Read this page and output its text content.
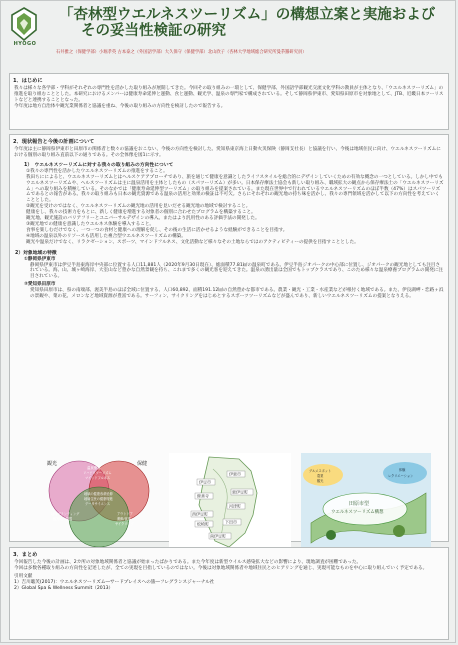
HYOGO
「杏林型ウエルネスツーリズム」の構想立案と実施および
その妥当性検証の研究
石井雅之（保健学部）小堀孝英 古本泰之（外国語学部）大久保守（保健学部）北山欣子（杏林大学地域総合研究所曼荼羅研究員）
1．はじめに

我々は様々な各学部・学科がそれぞれの専門性を活かした取り組みが展開してきた。今回その取り組みの一環として、保健学部、外国語学部観光交流文化学科の教員が主体となり、「ウエルネスツーリズム」の推進を取り組むこととした。本研究におけるメンバーは健康寿命延伸と運動、食と運動、観光学、温泉の専門家で構成されている。そして静岡県伊東市、愛知県田原市を対象地として、JTB、近畿日本ツーリストなどと連携することとなった。

今年度は地方自治体や観光業関係者と協議を重ね、今後の取り組みの方向性を検討したので報告する。

2．現状報告と今後の計画について

今年度は主に静岡県伊東市と田原市の関係者と数々の協議をおこない、今後の方向性を検討した。愛知県東京海上日動火災保険（静岡支社長）と協議を行い、今後は地域住民に向け、ウエルネスツーリズムにおける個別の取り組み直前以下の通りである。その全体像を図1に示す。

1）　ウエルネスツーリズムに対する我々の取り組みの方向性について

①我々の専門性を活かしたウエルネスツーリズムの推進をすること。

我田ちにによると、ウエルネスツーリズムとはヘルスケアアプローチであり、旅を通じて健康を意識としたライフスタイルを総合的にデザインしていくための有効な概念の一つとしている。しかし中でもウエルネスツーリズムや、ヘルスツーリズムは主に温泉活用を主体としたもの（スパツーリズム）が多い。日本保存療法士協会も新しい取り組み、職域拡大の観点から保存療法士の「ウエルネスツーリズム」への取り組みを積極している。そのなかでは「健康寿命延伸型ツーリズム」の取り組みを提案されている。また現在世界中で行われているウエルネスツーリズムのほぼ半数（47%）はスパツーリズムであるとの報告がある。我々の取り組みも日本の観光資源である温泉の活用と効果の検証は不可欠。さらにそれぞれの観光地の持ち味を活かし、我々の専門領域を活かして以下の方向性を考えていくこととした。

②観光を受けのではなく、ウエルネスツーリズムの観光地の活用を見いだせる観光地の地域で検討すること。

健康をし、我々の技術力をもとに、新しく健康を増進する対象者の個別に合わせたプログラムを構築すること。

観光地、観光施設のバリアフリーとユニバーサルデザインの導入。またはより汎用性のある評価手法の開発した。

③観光地での健康を意識したウエルネス体験を導入すること。

食事を楽しむだけでなく、一つ一つの食材と健康への理解を促し、その後の生活に活かせるような経験ができることを目指す。

④地域の温泉以外のリソースも活用した複合型ウエルネスツーリズムの構築。

観光や温泉だけでなく、リラクゼーション、スポーツ、マインドフルネス、文化活動など様々なその土地ならではのアクティビティーの提供を目指すこととした。

2）対象地域の特徴

①静岡県伊東市

静岡県伊東市は伊豆半島東海岸中央部に位置する人口11,881人（2020年9月30日現在）、総面積77.81㎢の温泉町である。伊豆半島ジオパークの中心部に位置し、ジオパークの観光地としても注目されている。海、山、城ヶ崎海岸、大室山など豊かな自然景観を持ち、これまで多くの観光客を迎えてきた。温泉の湧出量は全国でもトップクラスであり、このため様々な温泉療養プログラムの開発に注目されている。

②愛知県田原市

愛知県田原市は、県の南端部、渥美半島のほぼ全域に位置する、人口60,892、面積191.12㎢の自然豊かな都市である。農業・観光・工業・水産業などが根付く地域である。また、伊良湖岬・恋路ヶ浜の景観や、菜の花、メロンなど地域資源が豊富である。サーフィン、サイクリングをはじめとするスポーツツーリズムなどが盛んであり、新しいウエルネスツーリズムの提案となりえる。

観光	保健
温泉療養
リハビリツーリズム
マインドフルネス
地域の健康寿命延伸
地域住民の健康増進
データサイエンス
地域ブランディング
観光地の発掘
アウトドア
運動/食事
サイクリング
伊東市
東伊豆町
河津町
下田市
南伊豆町
西伊豆町
松崎町
伊豆市
修善寺
田原市型
ウエルネスツーリズム構想
グルメスポット
農業
観光
体験
レクリエーション
3．まとめ

今回報告した今後の計画は、2カ所の対象地域関係者と協議が始まったばかりである。また今年度は新型ウイルス感染拡大などの影響により、現地調査が困難であった。

今回は多数各種取り組みの方向性を記述したが、全ての実現を目指しているのではない。今後は対象地域関係者や地域住民とのヒアリングを通じ、実現可能なものを中心に取り組んでいく予定である。

引用文献
1）吉川聡芙(2017)：ウエルネスツーリズム―サードプレイスへの旅―フレグランスジャーナル社
2）Global Spa & Wellness Summit（2013）
